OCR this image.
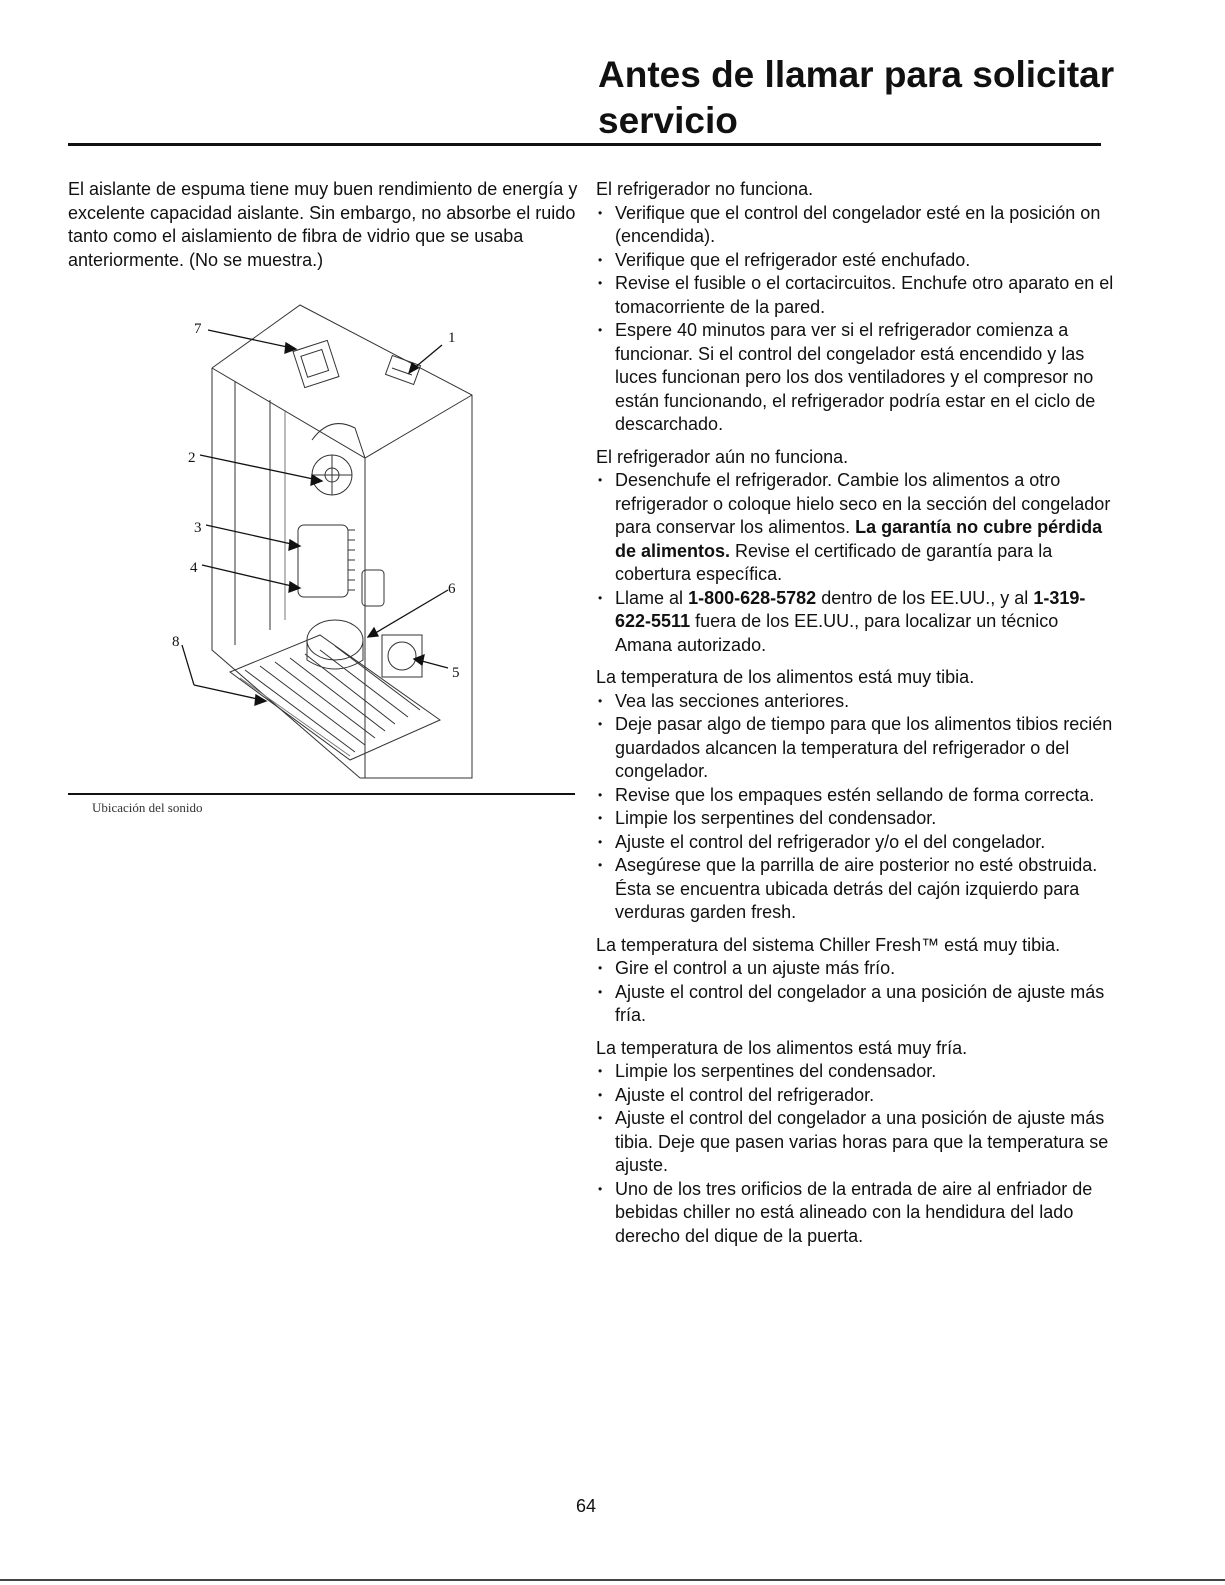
Antes de llamar para solicitar servicio

El aislante de espuma tiene muy buen rendimiento de energía y excelente capacidad aislante. Sin embargo, no absorbe el ruido tanto como el aislamiento de fibra de vidrio que se usaba anteriormente. (No se muestra.)

7
1
2
3
4
6
8
5

Ubicación del sonido

El refrigerador no funciona.
• Verifique que el control del congelador esté en la posición on (encendida).
• Verifique que el refrigerador esté enchufado.
• Revise el fusible o el cortacircuitos. Enchufe otro aparato en el tomacorriente de la pared.
• Espere 40 minutos para ver si el refrigerador comienza a funcionar. Si el control del congelador está encendido y las luces funcionan pero los dos ventiladores y el compresor no están funcionando, el refrigerador podría estar en el ciclo de descarchado.
El refrigerador aún no funciona.
• Desenchufe el refrigerador. Cambie los alimentos a otro refrigerador o coloque hielo seco en la sección del congelador para conservar los alimentos. La garantía no cubre pérdida de alimentos. Revise el certificado de garantía para la cobertura específica.
• Llame al 1-800-628-5782 dentro de los EE.UU., y al 1-319-622-5511 fuera de los EE.UU., para localizar un técnico Amana autorizado.
La temperatura de los alimentos está muy tibia.
• Vea las secciones anteriores.
• Deje pasar algo de tiempo para que los alimentos tibios recién guardados alcancen la temperatura del refrigerador o del congelador.
• Revise que los empaques estén sellando de forma correcta.
• Limpie los serpentines del condensador.
• Ajuste el control del refrigerador y/o el del congelador.
• Asegúrese que la parrilla de aire posterior no esté obstruida. Ésta se encuentra ubicada detrás del cajón izquierdo para verduras garden fresh.
La temperatura del sistema Chiller Fresh™ está muy tibia.
• Gire el control a un ajuste más frío.
• Ajuste el control del congelador a una posición de ajuste más fría.
La temperatura de los alimentos está muy fría.
• Limpie los serpentines del condensador.
• Ajuste el control del refrigerador.
• Ajuste el control del congelador a una posición de ajuste más tibia. Deje que pasen varias horas para que la temperatura se ajuste.
• Uno de los tres orificios de la entrada de aire al enfriador de bebidas chiller no está alineado con la hendidura del lado derecho del dique de la puerta.

64
